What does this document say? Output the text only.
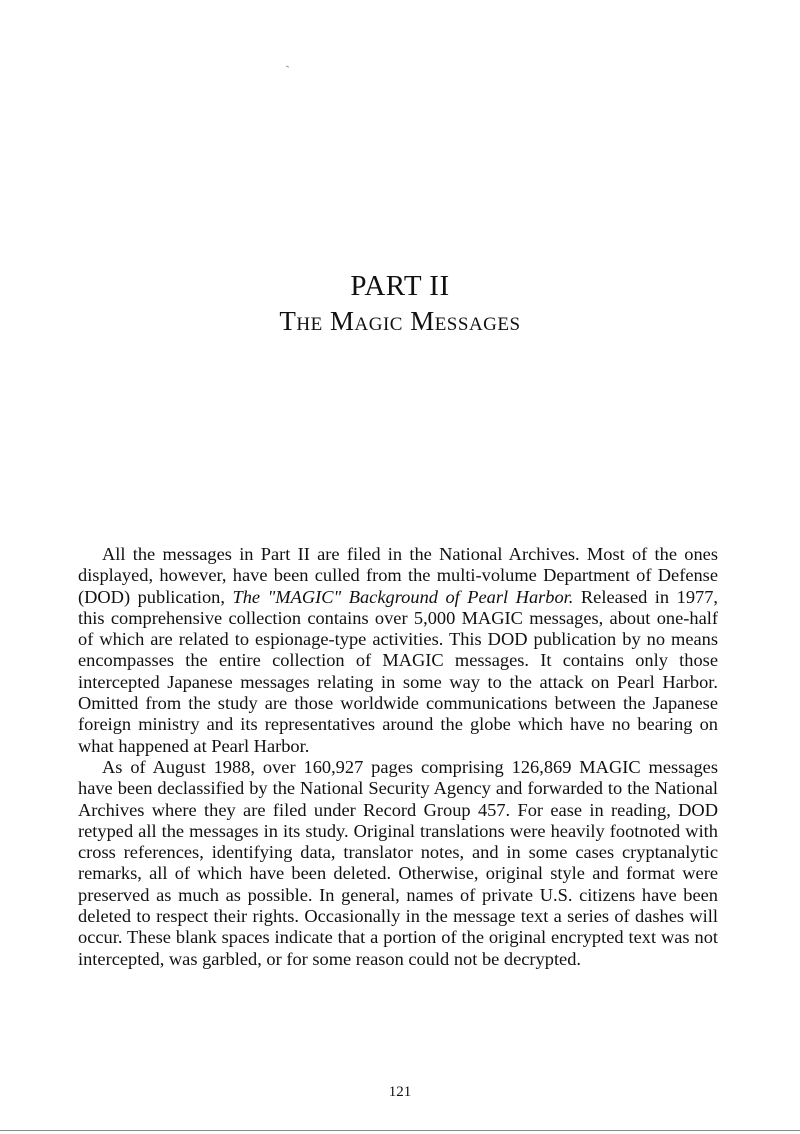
PART II
The Magic Messages

All the messages in Part II are filed in the National Archives. Most of the ones displayed, however, have been culled from the multi-volume Department of Defense (DOD) publication, The "MAGIC" Background of Pearl Harbor. Released in 1977, this comprehensive collection contains over 5,000 MAGIC messages, about one-half of which are related to espionage-type activities. This DOD publication by no means encompasses the entire collection of MAGIC messages. It contains only those intercepted Japanese messages relating in some way to the attack on Pearl Harbor. Omitted from the study are those worldwide communications between the Japanese foreign ministry and its representatives around the globe which have no bearing on what happened at Pearl Harbor.

As of August 1988, over 160,927 pages comprising 126,869 MAGIC messages have been declassified by the National Security Agency and forwarded to the National Archives where they are filed under Record Group 457. For ease in reading, DOD retyped all the messages in its study. Original translations were heavily footnoted with cross references, identifying data, translator notes, and in some cases cryptanalytic remarks, all of which have been deleted. Otherwise, original style and format were preserved as much as possible. In general, names of private U.S. citizens have been deleted to respect their rights. Occasionally in the message text a series of dashes will occur. These blank spaces indicate that a portion of the original encrypted text was not intercepted, was garbled, or for some reason could not be decrypted.

121
